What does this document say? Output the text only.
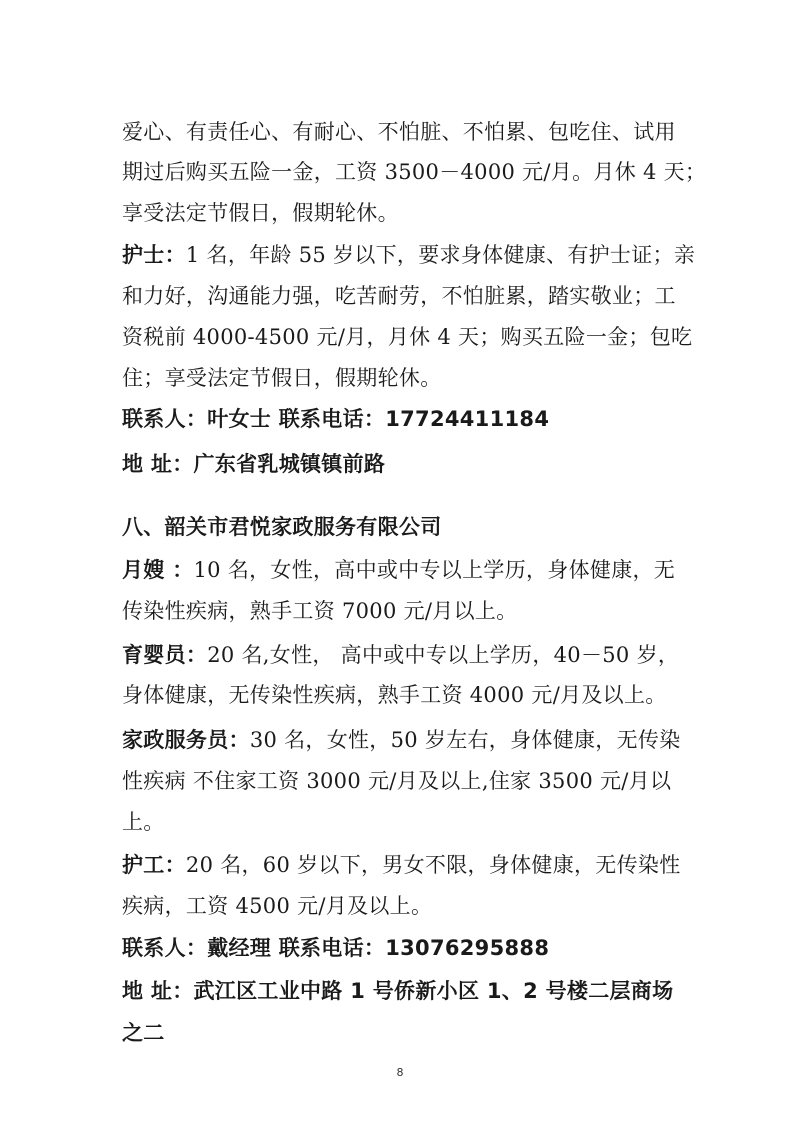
爱心、有责任心、有耐心、不怕脏、不怕累、包吃住、试用
期过后购买五险一金，工资 3500－4000 元/月。月休 4 天；
享受法定节假日，假期轮休。
护士：1 名，年龄 55 岁以下，要求身体健康、有护士证；亲
和力好，沟通能力强，吃苦耐劳，不怕脏累，踏实敬业；工
资税前 4000-4500 元/月，月休 4 天；购买五险一金；包吃
住；享受法定节假日，假期轮休。
联系人：叶女士 联系电话：17724411184
地 址：广东省乳城镇镇前路
八、韶关市君悦家政服务有限公司
月嫂 ：10 名，女性，高中或中专以上学历，身体健康，无
传染性疾病，熟手工资 7000 元/月以上。
育婴员：20 名,女性， 高中或中专以上学历，40－50 岁，
身体健康，无传染性疾病，熟手工资 4000 元/月及以上。
家政服务员：30 名，女性，50 岁左右，身体健康，无传染
性疾病 不住家工资 3000 元/月及以上,住家 3500 元/月以
上。
护工：20 名，60 岁以下，男女不限，身体健康，无传染性
疾病，工资 4500 元/月及以上。
联系人：戴经理 联系电话：13076295888
地 址：武江区工业中路 1 号侨新小区 1、2 号楼二层商场
之二
8
